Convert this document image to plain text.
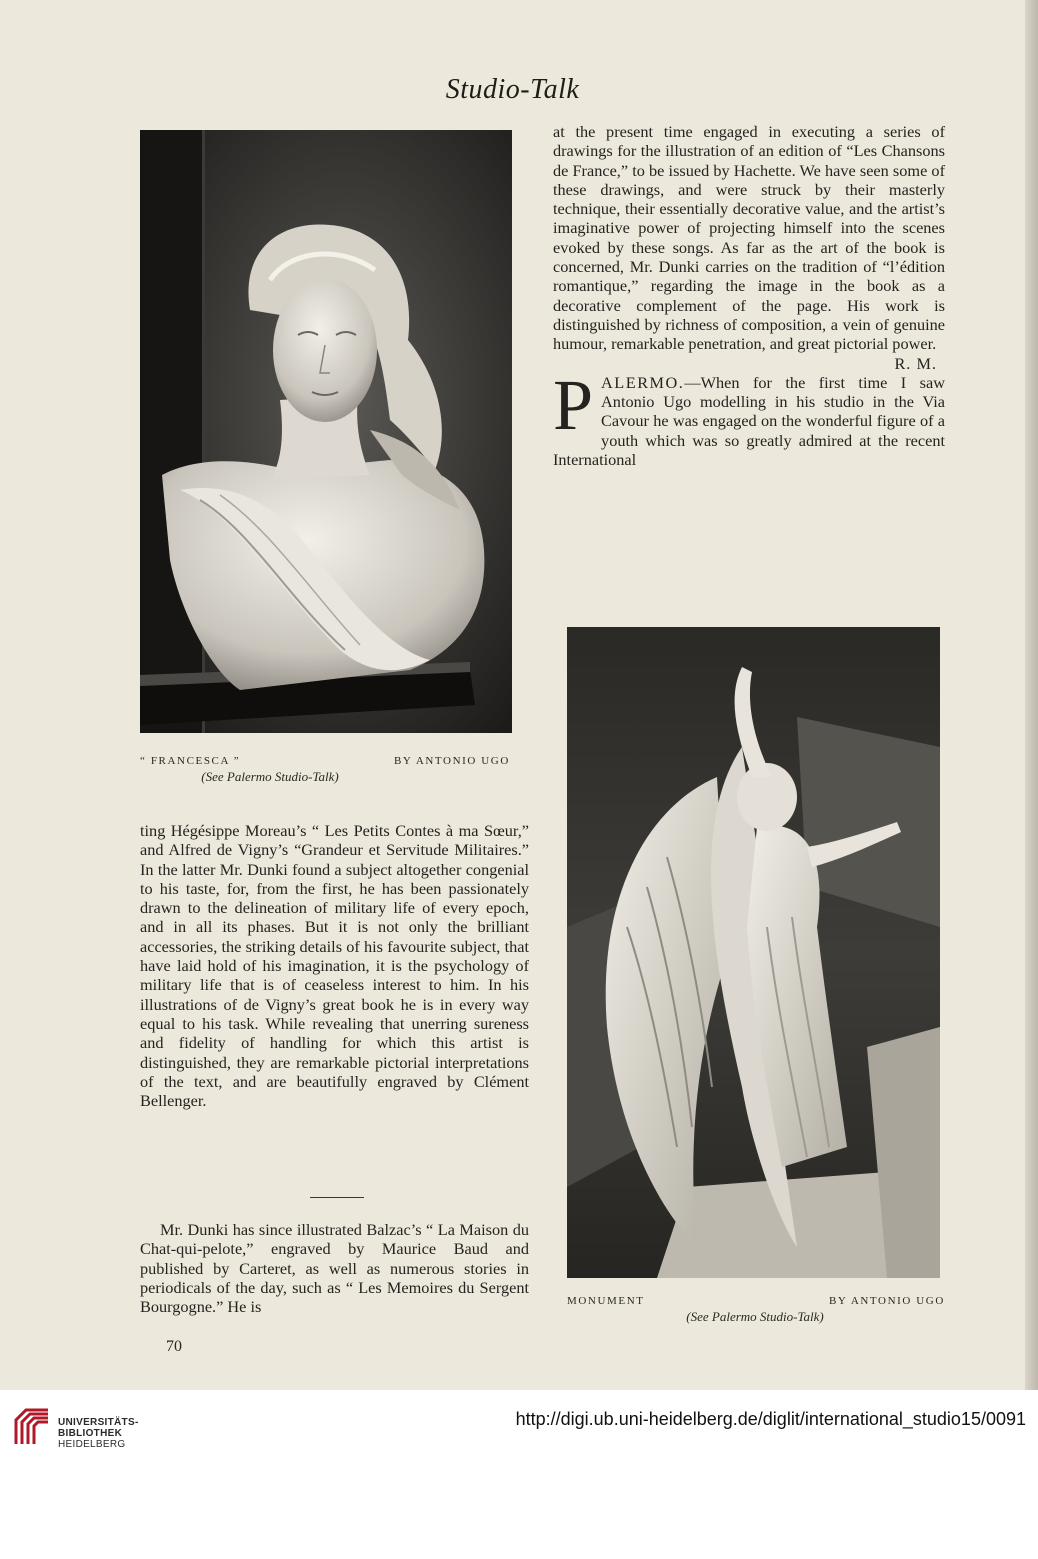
Studio-Talk
“ FRANCESCA ”	BY ANTONIO UGO
(See Palermo Studio-Talk)

at the present time engaged in executing a series of drawings for the illustration of an edition of “Les Chansons de France,” to be issued by Hachette. We have seen some of these drawings, and were struck by their masterly technique, their essentially decorative value, and the artist’s imaginative power of projecting himself into the scenes evoked by these songs. As far as the art of the book is concerned, Mr. Dunki carries on the tradition of “l’édition romantique,” regarding the image in the book as a decorative complement of the page. His work is distinguished by richness of composition, a vein of genuine humour, remarkable penetration, and great pictorial power.

R. M.

PALERMO.—When for the first time I saw Antonio Ugo modelling in his studio in the Via Cavour he was engaged on the wonderful figure of a youth which was so greatly admired at the recent International

MONUMENT	BY ANTONIO UGO
(See Palermo Studio-Talk)

ting Hégésippe Moreau’s “ Les Petits Contes à ma Sœur,” and Alfred de Vigny’s “Grandeur et Servitude Militaires.” In the latter Mr. Dunki found a subject altogether congenial to his taste, for, from the first, he has been passionately drawn to the delineation of military life of every epoch, and in all its phases. But it is not only the brilliant accessories, the striking details of his favourite subject, that have laid hold of his imagination, it is the psychology of military life that is of ceaseless interest to him. In his illustrations of de Vigny’s great book he is in every way equal to his task. While revealing that unerring sureness and fidelity of handling for which this artist is distinguished, they are remarkable pictorial interpretations of the text, and are beautifully engraved by Clément Bellenger.

Mr. Dunki has since illustrated Balzac’s “ La Maison du Chat-qui-pelote,” engraved by Maurice Baud and published by Carteret, as well as numerous stories in periodicals of the day, such as “ Les Memoires du Sergent Bourgogne.” He is

70
UNIVERSITÄTS-
BIBLIOTHEK
HEIDELBERG
http://digi.ub.uni-heidelberg.de/diglit/international_studio15/0091
